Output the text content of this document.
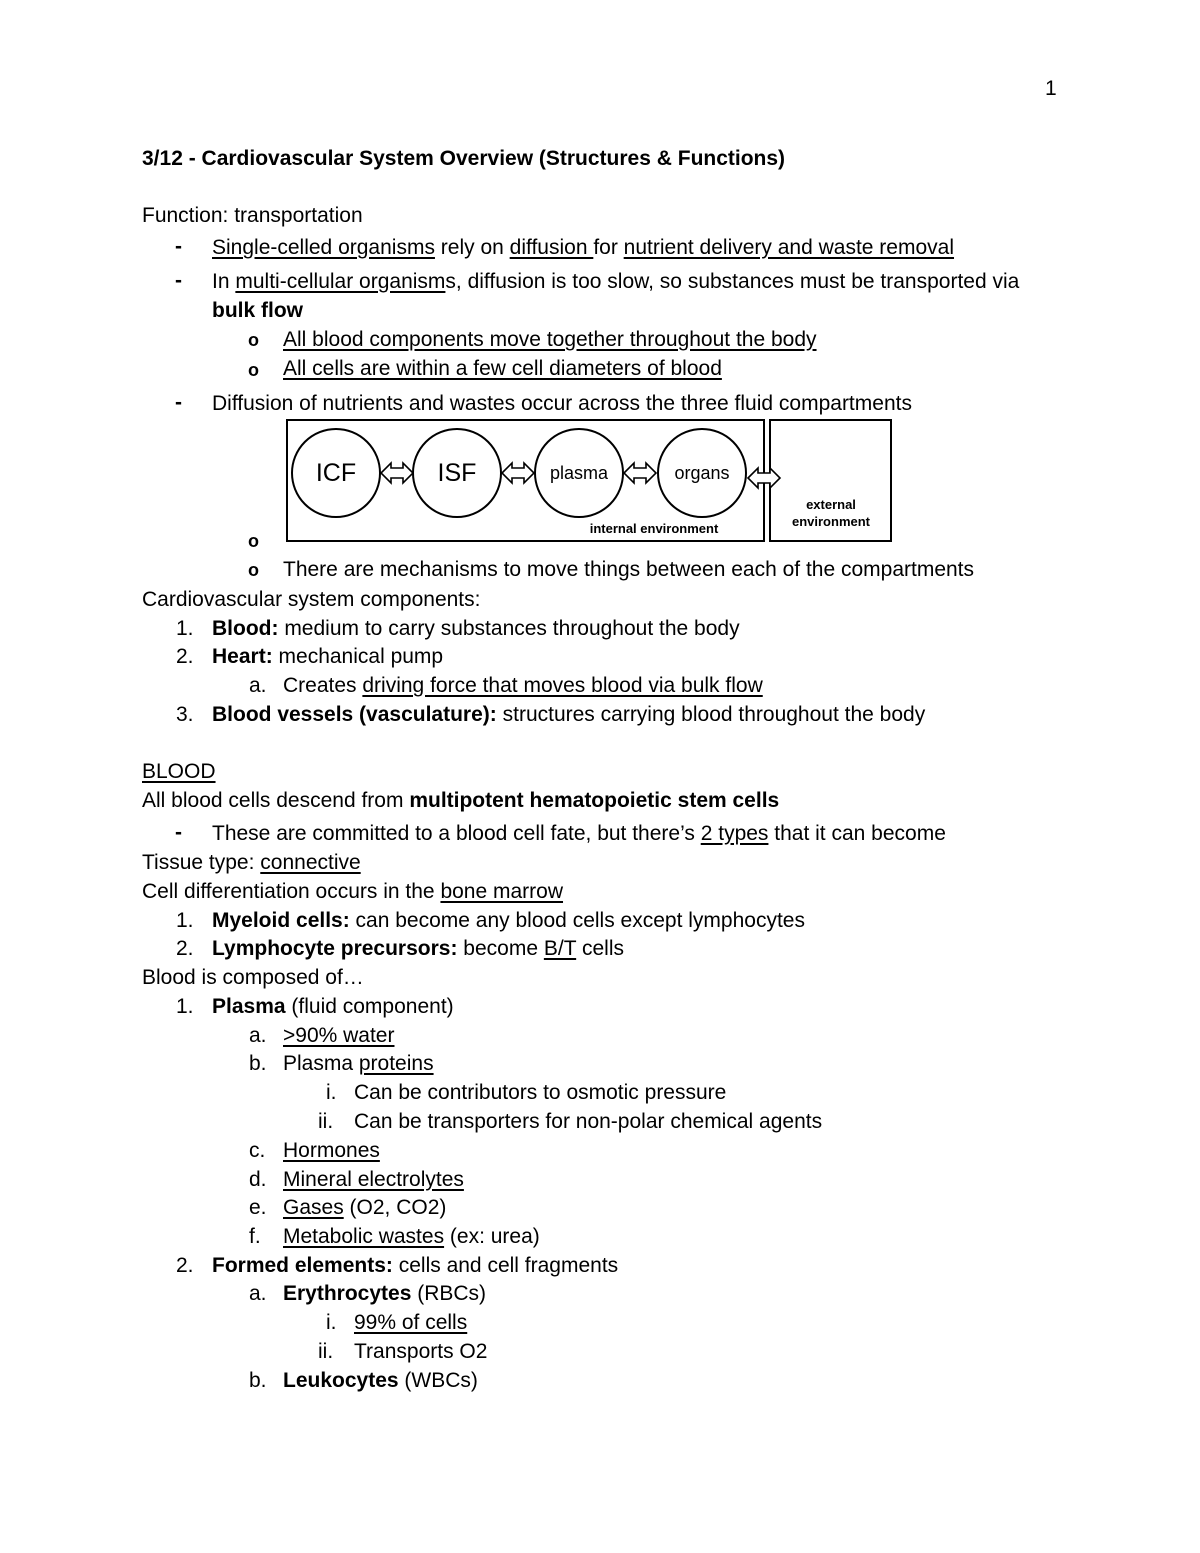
1
3/12 - Cardiovascular System Overview (Structures & Functions)
Function: transportation
- Single-celled organisms rely on diffusion for nutrient delivery and waste removal
- In multi-cellular organisms, diffusion is too slow, so substances must be transported via
bulk flow
o All blood components move together throughout the body
o All cells are within a few cell diameters of blood
- Diffusion of nutrients and wastes occur across the three fluid compartments
ICF	ISF	plasma	organs
internal environment
external
environment
o
o There are mechanisms to move things between each of the compartments
Cardiovascular system components:
1. Blood: medium to carry substances throughout the body
2. Heart: mechanical pump
a. Creates driving force that moves blood via bulk flow
3. Blood vessels (vasculature): structures carrying blood throughout the body
BLOOD
All blood cells descend from multipotent hematopoietic stem cells
- These are committed to a blood cell fate, but there’s 2 types that it can become
Tissue type: connective
Cell differentiation occurs in the bone marrow
1. Myeloid cells: can become any blood cells except lymphocytes
2. Lymphocyte precursors: become B/T cells
Blood is composed of…
1. Plasma (fluid component)
a. >90% water
b. Plasma proteins
i. Can be contributors to osmotic pressure
ii. Can be transporters for non-polar chemical agents
c. Hormones
d. Mineral electrolytes
e. Gases (O2, CO2)
f. Metabolic wastes (ex: urea)
2. Formed elements: cells and cell fragments
a. Erythrocytes (RBCs)
i. 99% of cells
ii. Transports O2
b. Leukocytes (WBCs)
